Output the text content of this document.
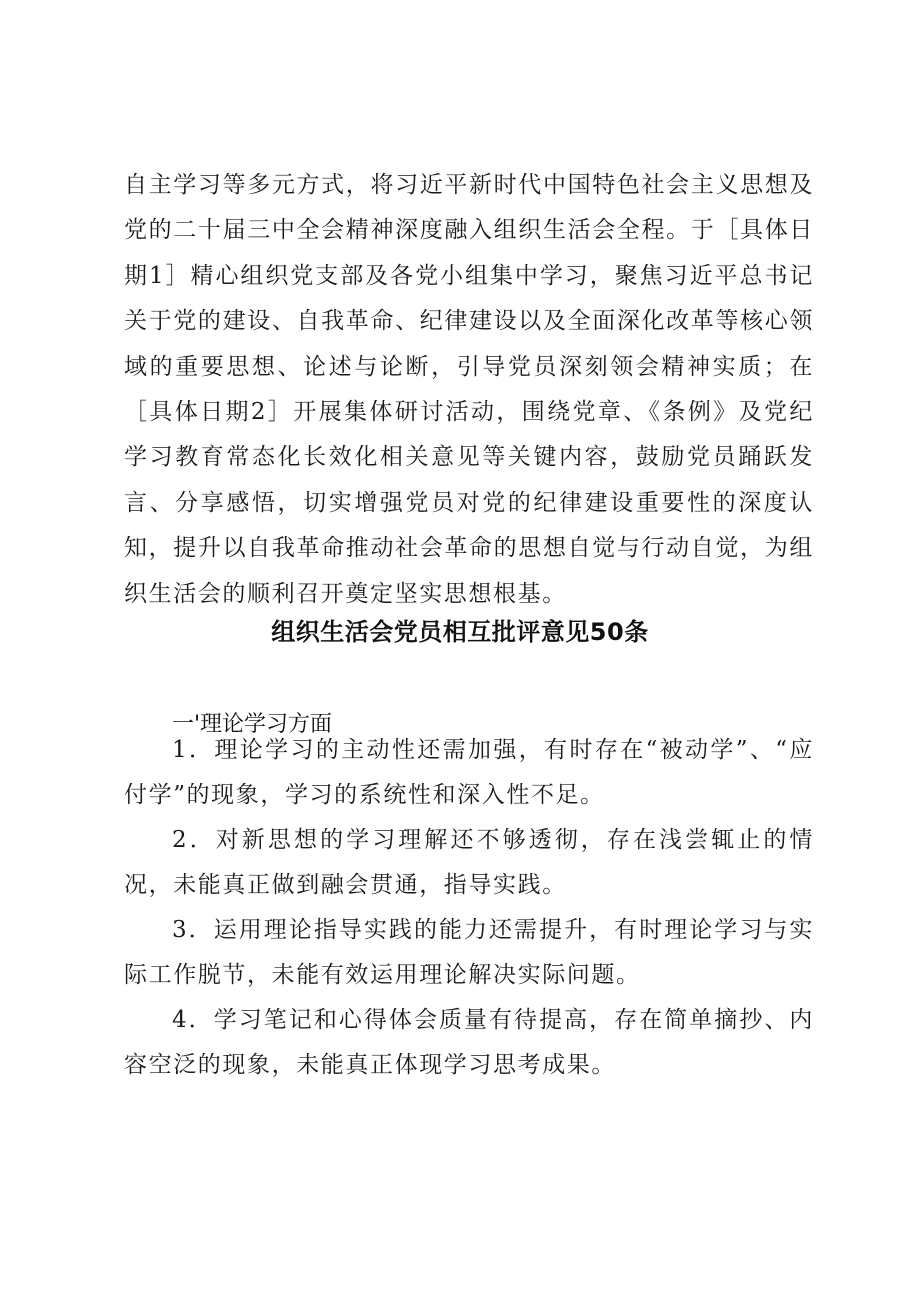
自主学习等多元方式，将习近平新时代中国特色社会主义思想及党的二十届三中全会精神深度融入组织生活会全程。于［具体日期1］精心组织党支部及各党小组集中学习，聚焦习近平总书记关于党的建设、自我革命、纪律建设以及全面深化改革等核心领域的重要思想、论述与论断，引导党员深刻领会精神实质；在［具体日期2］开展集体研讨活动，围绕党章、《条例》及党纪学习教育常态化长效化相关意见等关键内容，鼓励党员踊跃发言、分享感悟，切实增强党员对党的纪律建设重要性的深度认知，提升以自我革命推动社会革命的思想自觉与行动自觉，为组织生活会的顺利召开奠定坚实思想根基。

组织生活会党员相互批评意见50条
一'理论学习方面

1．理论学习的主动性还需加强，有时存在“被动学”、“应付学”的现象，学习的系统性和深入性不足。

2．对新思想的学习理解还不够透彻，存在浅尝辄止的情况，未能真正做到融会贯通，指导实践。

3．运用理论指导实践的能力还需提升，有时理论学习与实际工作脱节，未能有效运用理论解决实际问题。

4．学习笔记和心得体会质量有待提高，存在简单摘抄、内容空泛的现象，未能真正体现学习思考成果。
